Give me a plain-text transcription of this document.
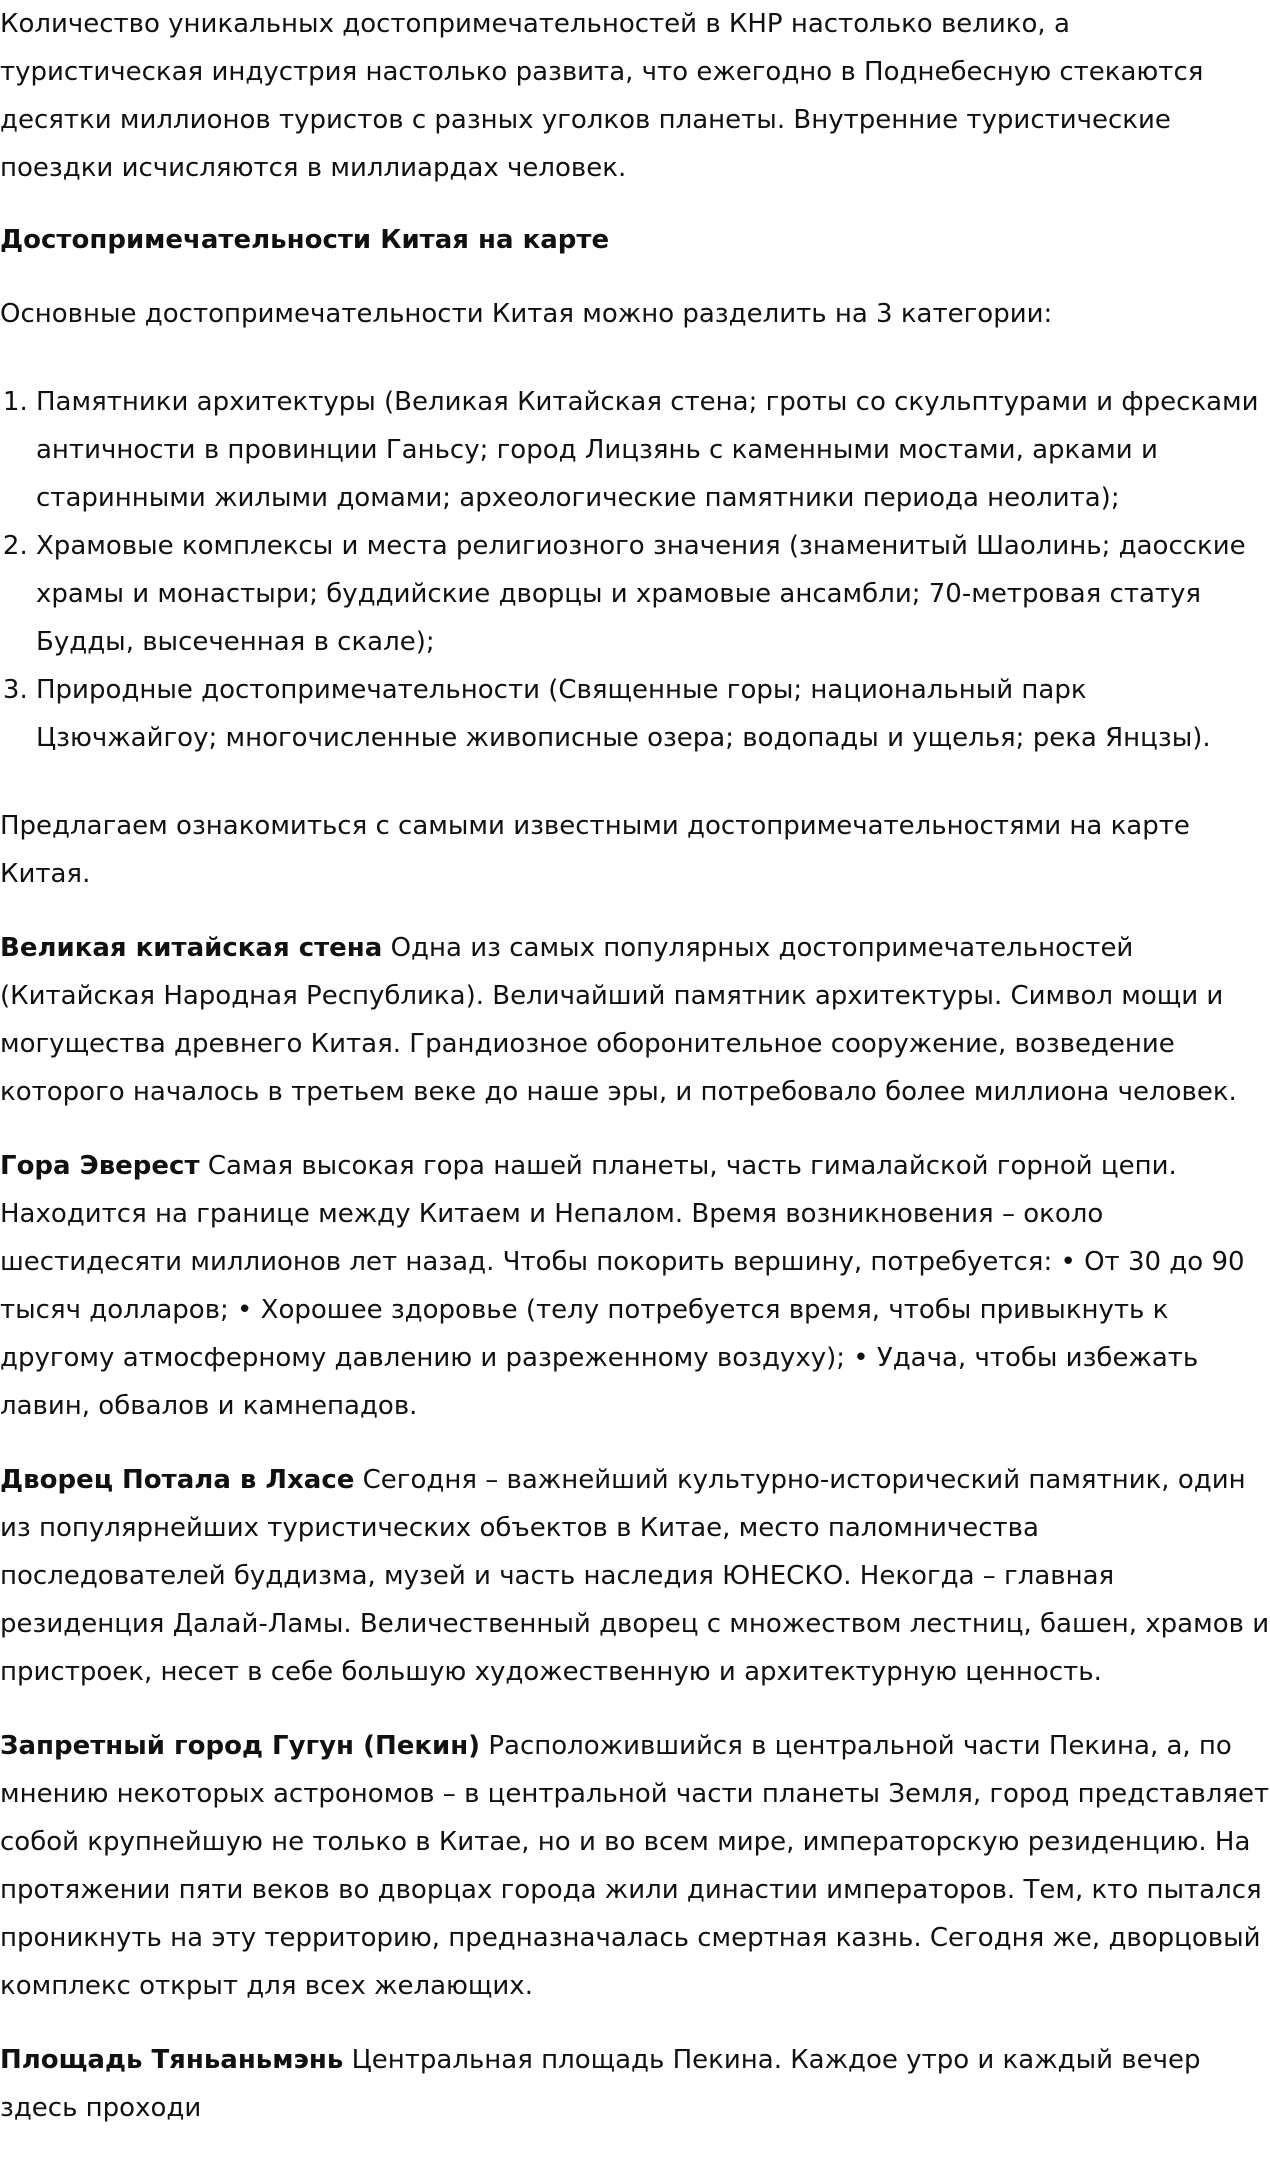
Количество уникальных достопримечательностей в КНР настолько велико, а туристическая индустрия настолько развита, что ежегодно в Поднебесную стекаются десятки миллионов туристов с разных уголков планеты. Внутренние туристические поездки исчисляются в миллиардах человек.

Достопримечательности Китая на карте

Основные достопримечательности Китая можно разделить на 3 категории:

1. Памятники архитектуры (Великая Китайская стена; гроты со скульптурами и фресками античности в провинции Ганьсу; город Лицзянь с каменными мостами, арками и старинными жилыми домами; археологические памятники периода неолита);
2. Храмовые комплексы и места религиозного значения (знаменитый Шаолинь; даосские храмы и монастыри; буддийские дворцы и храмовые ансамбли; 70-метровая статуя Будды, высеченная в скале);
3. Природные достопримечательности (Священные горы; национальный парк Цзючжайгоу; многочисленные живописные озера; водопады и ущелья; река Янцзы).

Предлагаем ознакомиться с самыми известными достопримечательностями на карте Китая.

Великая китайская стена Одна из самых популярных достопримечательностей (Китайская Народная Республика). Величайший памятник архитектуры. Символ мощи и могущества древнего Китая. Грандиозное оборонительное сооружение, возведение которого началось в третьем веке до наше эры, и потребовало более миллиона человек.

Гора Эверест Самая высокая гора нашей планеты, часть гималайской горной цепи. Находится на границе между Китаем и Непалом. Время возникновения – около шестидесяти миллионов лет назад. Чтобы покорить вершину, потребуется: • От 30 до 90 тысяч долларов; • Хорошее здоровье (телу потребуется время, чтобы привыкнуть к другому атмосферному давлению и разреженному воздуху); • Удача, чтобы избежать лавин, обвалов и камнепадов.

Дворец Потала в Лхасе Сегодня – важнейший культурно-исторический памятник, один из популярнейших туристических объектов в Китае, место паломничества последователей буддизма, музей и часть наследия ЮНЕСКО. Некогда – главная резиденция Далай-Ламы. Величественный дворец с множеством лестниц, башен, храмов и пристроек, несет в себе большую художественную и архитектурную ценность.

Запретный город Гугун (Пекин) Расположившийся в центральной части Пекина, а, по мнению некоторых астрономов – в центральной части планеты Земля, город представляет собой крупнейшую не только в Китае, но и во всем мире, императорскую резиденцию. На протяжении пяти веков во дворцах города жили династии императоров. Тем, кто пытался проникнуть на эту территорию, предназначалась смертная казнь. Сегодня же, дворцовый комплекс открыт для всех желающих.

Площадь Тяньаньмэнь Центральная площадь Пекина. Каждое утро и каждый вечер здесь проходи
